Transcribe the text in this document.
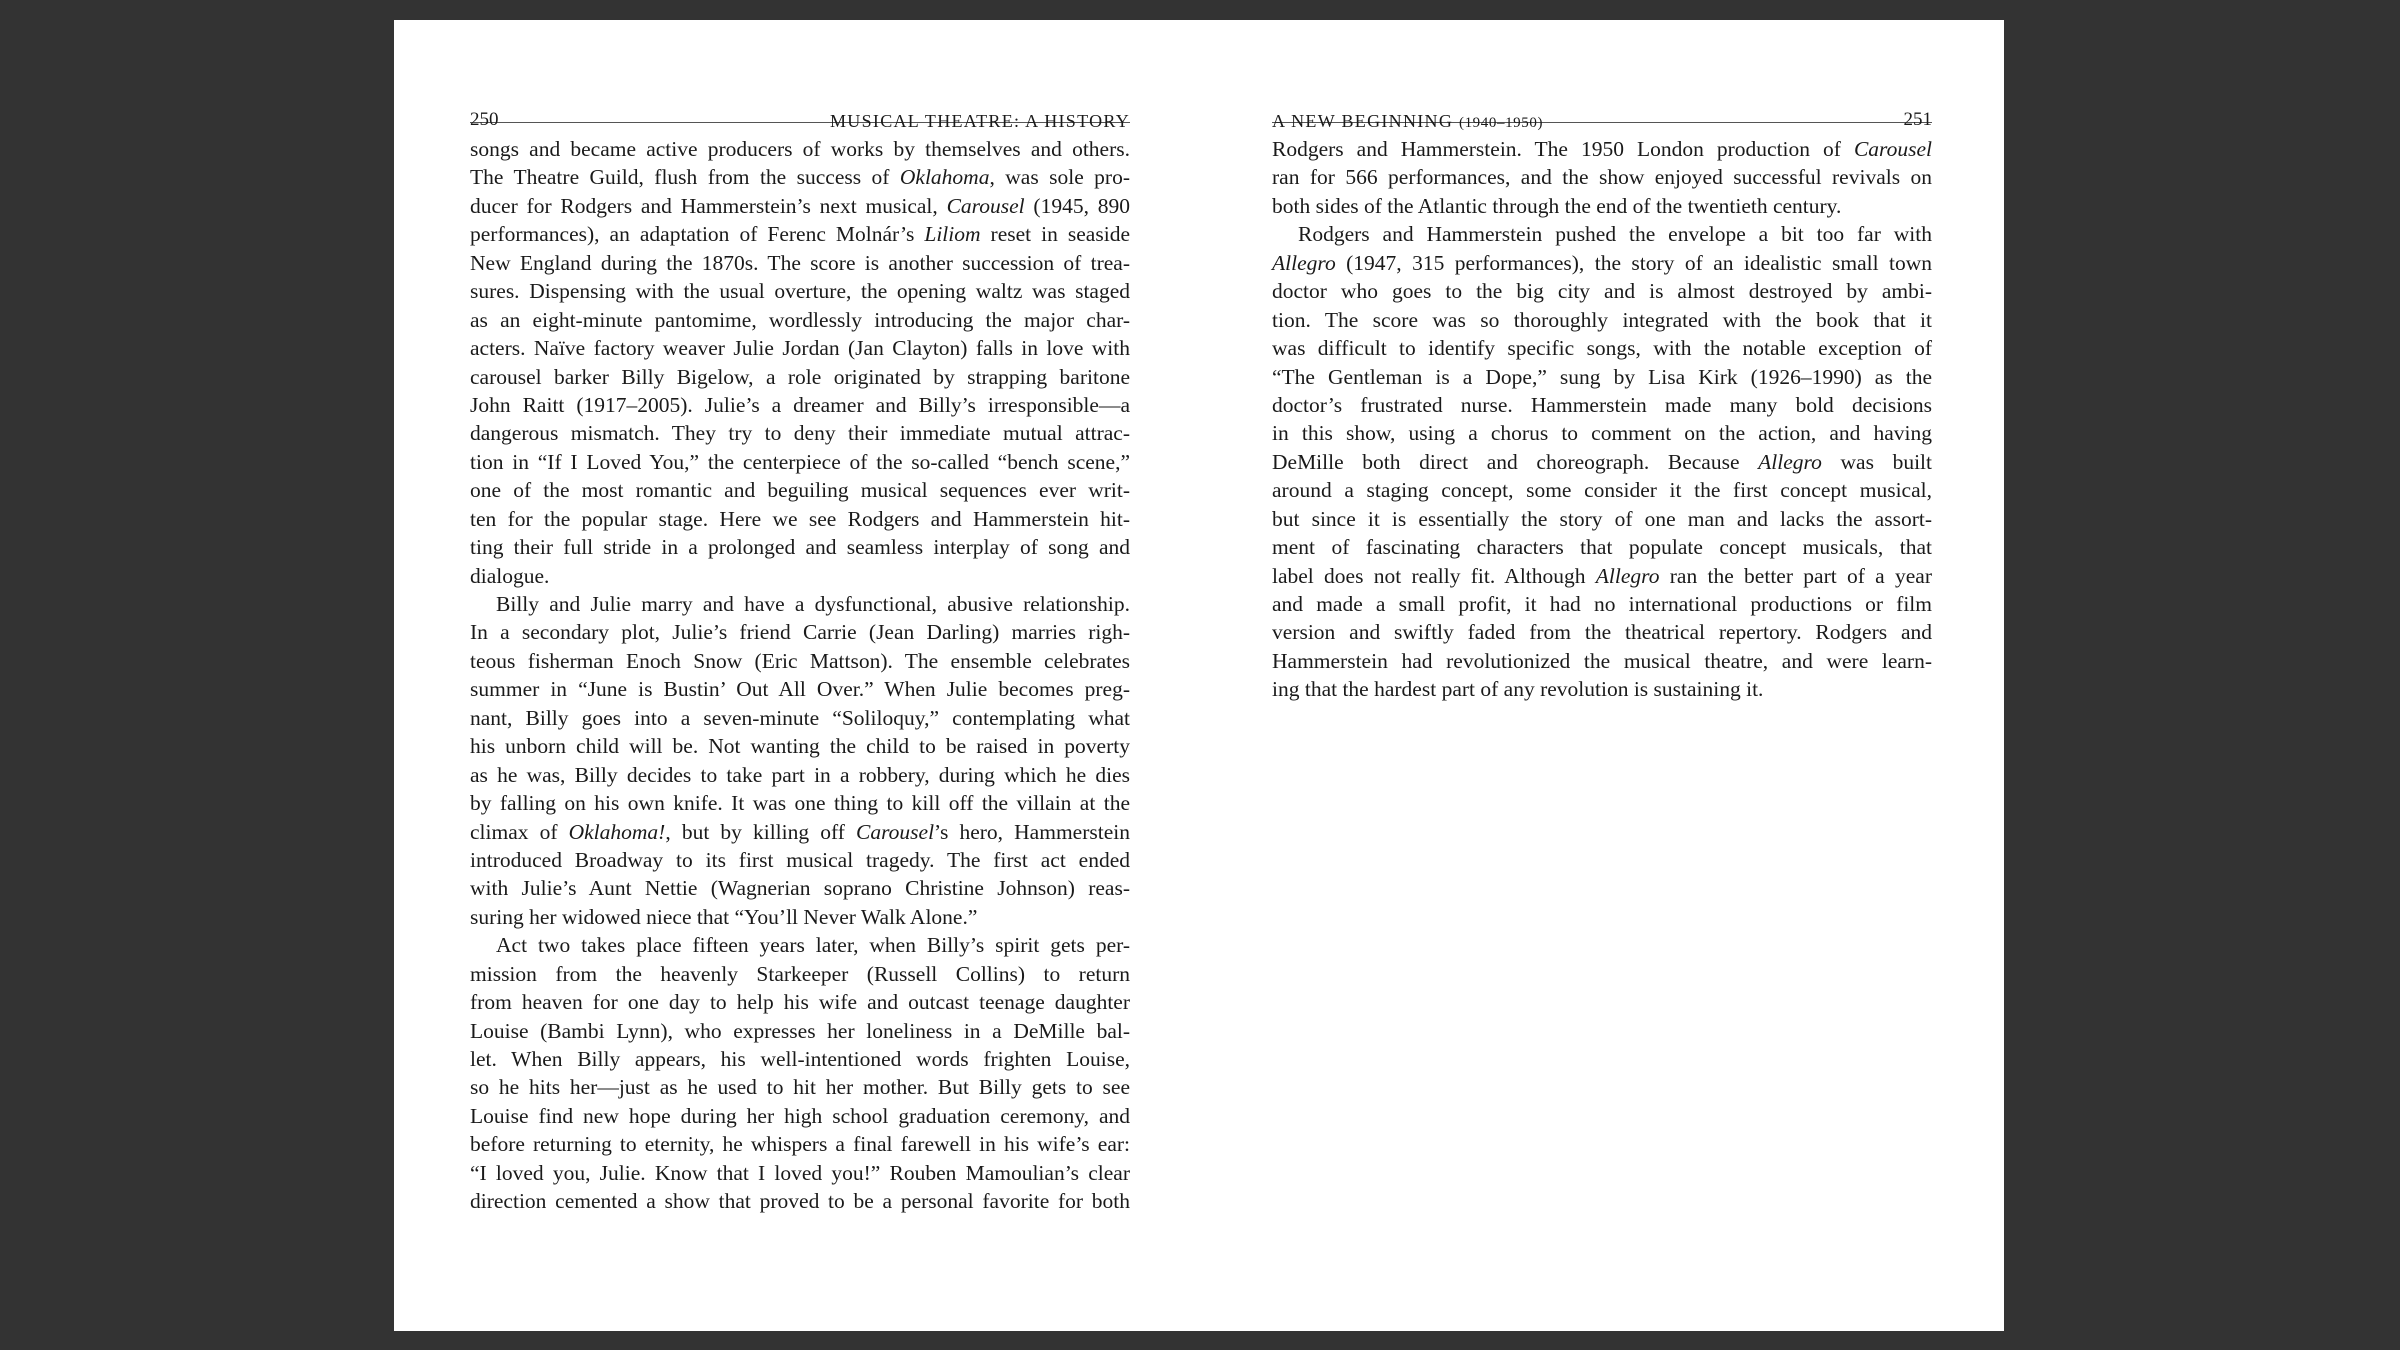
250	MUSICAL THEATRE: A HISTORY
songs and became active producers of works by themselves and others.
The Theatre Guild, flush from the success of Oklahoma, was sole pro-
ducer for Rodgers and Hammerstein’s next musical, Carousel (1945, 890
performances), an adaptation of Ferenc Molnár’s Liliom reset in seaside
New England during the 1870s. The score is another succession of trea-
sures. Dispensing with the usual overture, the opening waltz was staged
as an eight-minute pantomime, wordlessly introducing the major char-
acters. Naïve factory weaver Julie Jordan (Jan Clayton) falls in love with
carousel barker Billy Bigelow, a role originated by strapping baritone
John Raitt (1917–2005). Julie’s a dreamer and Billy’s irresponsible—a
dangerous mismatch. They try to deny their immediate mutual attrac-
tion in “If I Loved You,” the centerpiece of the so-called “bench scene,”
one of the most romantic and beguiling musical sequences ever writ-
ten for the popular stage. Here we see Rodgers and Hammerstein hit-
ting their full stride in a prolonged and seamless interplay of song and
dialogue.
Billy and Julie marry and have a dysfunctional, abusive relationship.
In a secondary plot, Julie’s friend Carrie (Jean Darling) marries righ-
teous fisherman Enoch Snow (Eric Mattson). The ensemble celebrates
summer in “June is Bustin’ Out All Over.” When Julie becomes preg-
nant, Billy goes into a seven-minute “Soliloquy,” contemplating what
his unborn child will be. Not wanting the child to be raised in poverty
as he was, Billy decides to take part in a robbery, during which he dies
by falling on his own knife. It was one thing to kill off the villain at the
climax of Oklahoma!, but by killing off Carousel’s hero, Hammerstein
introduced Broadway to its first musical tragedy. The first act ended
with Julie’s Aunt Nettie (Wagnerian soprano Christine Johnson) reas-
suring her widowed niece that “You’ll Never Walk Alone.”
Act two takes place fifteen years later, when Billy’s spirit gets per-
mission from the heavenly Starkeeper (Russell Collins) to return
from heaven for one day to help his wife and outcast teenage daughter
Louise (Bambi Lynn), who expresses her loneliness in a DeMille bal-
let. When Billy appears, his well-intentioned words frighten Louise,
so he hits her—just as he used to hit her mother. But Billy gets to see
Louise find new hope during her high school graduation ceremony, and
before returning to eternity, he whispers a final farewell in his wife’s ear:
“I loved you, Julie. Know that I loved you!” Rouben Mamoulian’s clear
direction cemented a show that proved to be a personal favorite for both
A NEW BEGINNING (1940–1950)	251
Rodgers and Hammerstein. The 1950 London production of Carousel
ran for 566 performances, and the show enjoyed successful revivals on
both sides of the Atlantic through the end of the twentieth century.
Rodgers and Hammerstein pushed the envelope a bit too far with
Allegro (1947, 315 performances), the story of an idealistic small town
doctor who goes to the big city and is almost destroyed by ambi-
tion. The score was so thoroughly integrated with the book that it
was difficult to identify specific songs, with the notable exception of
“The Gentleman is a Dope,” sung by Lisa Kirk (1926–1990) as the
doctor’s frustrated nurse. Hammerstein made many bold decisions
in this show, using a chorus to comment on the action, and having
DeMille both direct and choreograph. Because Allegro was built
around a staging concept, some consider it the first concept musical,
but since it is essentially the story of one man and lacks the assort-
ment of fascinating characters that populate concept musicals, that
label does not really fit. Although Allegro ran the better part of a year
and made a small profit, it had no international productions or film
version and swiftly faded from the theatrical repertory. Rodgers and
Hammerstein had revolutionized the musical theatre, and were learn-
ing that the hardest part of any revolution is sustaining it.
